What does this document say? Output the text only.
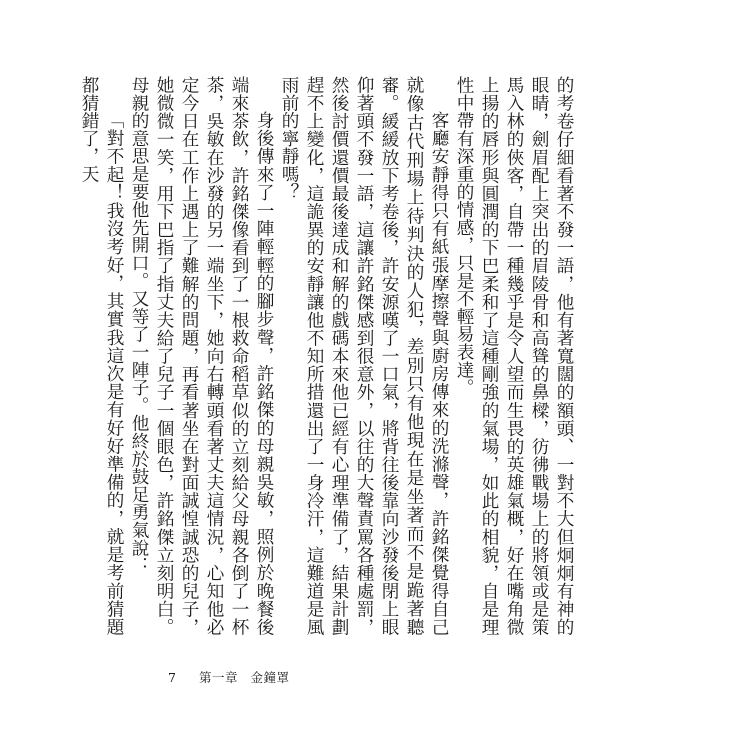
的考卷仔細看著不發一語，他有著寬闊的額頭、一對不大但炯炯有神的眼睛，劍眉配上突出的眉陵骨和高聳的鼻樑，彷彿戰場上的將領或是策馬入林的俠客，自帶一種幾乎是令人望而生畏的英雄氣概，好在嘴角微上揚的唇形與圓潤的下巴柔和了這種剛強的氣場，如此的相貌，自是理性中帶有深重的情感，只是不輕易表達。

客廳安靜得只有紙張摩擦聲與廚房傳來的洗滌聲，許銘傑覺得自己就像古代刑場上待判決的人犯，差別只有他現在是坐著而不是跪著聽審。緩緩放下考卷後，許安源嘆了一口氣，將背往後靠向沙發後閉上眼仰著頭不發一語，這讓許銘傑感到很意外，以往的大聲責罵各種處罰，然後討價還價最後達成和解的戲碼本來他已經有心理準備了，結果計劃趕不上變化，這詭異的安靜讓他不知所措還出了一身冷汗，這難道是風雨前的寧靜嗎？

身後傳來了一陣輕輕的腳步聲，許銘傑的母親吳敏，照例於晚餐後端來茶飲，許銘傑像看到了一根救命稻草似的立刻給父母親各倒了一杯茶，吳敏在沙發的另一端坐下，她向右轉頭看著丈夫這情況，心知他必定今日在工作上遇上了難解的問題，再看著坐在對面誠惶誠恐的兒子，她微微一笑，用下巴指了指丈夫給了兒子一個眼色，許銘傑立刻明白。母親的意思是要他先開口。又等了一陣子。他終於鼓足勇氣說：

「對不起！我沒考好，其實我這次是有好好準備的，就是考前猜題都猜錯了，天

7 第一章 金鐘罩
